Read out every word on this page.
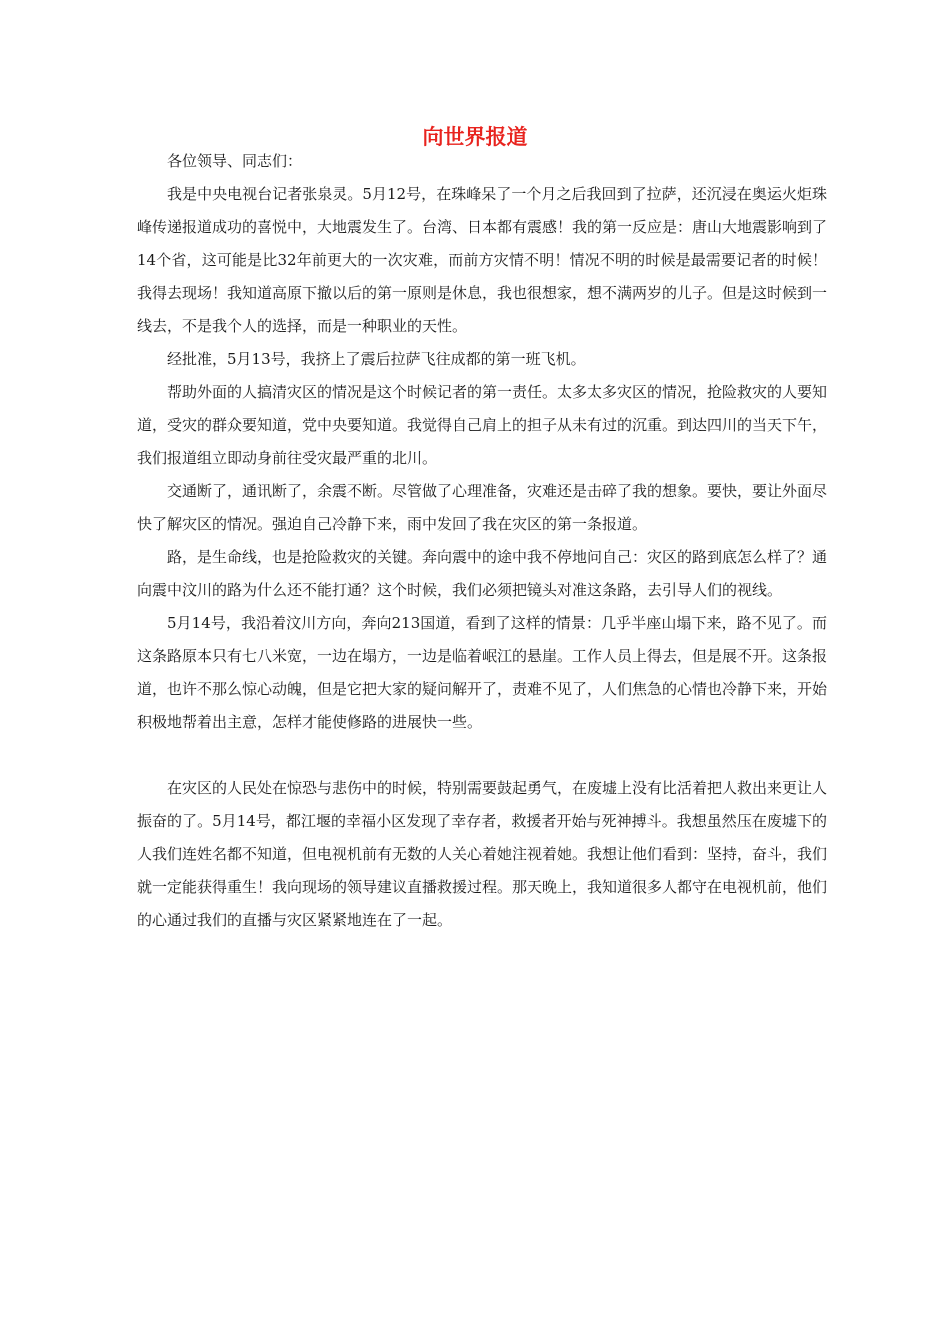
向世界报道

各位领导、同志们：

我是中央电视台记者张泉灵。5月12号，在珠峰呆了一个月之后我回到了拉萨，还沉浸在奥运火炬珠峰传递报道成功的喜悦中，大地震发生了。台湾、日本都有震感！我的第一反应是：唐山大地震影响到了14个省，这可能是比32年前更大的一次灾难，而前方灾情不明！情况不明的时候是最需要记者的时候！我得去现场！我知道高原下撤以后的第一原则是休息，我也很想家，想不满两岁的儿子。但是这时候到一线去，不是我个人的选择，而是一种职业的天性。

经批准，5月13号，我挤上了震后拉萨飞往成都的第一班飞机。

帮助外面的人搞清灾区的情况是这个时候记者的第一责任。太多太多灾区的情况，抢险救灾的人要知道，受灾的群众要知道，党中央要知道。我觉得自己肩上的担子从未有过的沉重。到达四川的当天下午，我们报道组立即动身前往受灾最严重的北川。

交通断了，通讯断了，余震不断。尽管做了心理准备，灾难还是击碎了我的想象。要快，要让外面尽快了解灾区的情况。强迫自己冷静下来，雨中发回了我在灾区的第一条报道。

路，是生命线，也是抢险救灾的关键。奔向震中的途中我不停地问自己：灾区的路到底怎么样了？通向震中汶川的路为什么还不能打通？这个时候，我们必须把镜头对准这条路，去引导人们的视线。

5月14号，我沿着汶川方向，奔向213国道，看到了这样的情景：几乎半座山塌下来，路不见了。而这条路原本只有七八米宽，一边在塌方，一边是临着岷江的悬崖。工作人员上得去，但是展不开。这条报道，也许不那么惊心动魄，但是它把大家的疑问解开了，责难不见了，人们焦急的心情也冷静下来，开始积极地帮着出主意，怎样才能使修路的进展快一些。

在灾区的人民处在惊恐与悲伤中的时候，特别需要鼓起勇气，在废墟上没有比活着把人救出来更让人振奋的了。5月14号，都江堰的幸福小区发现了幸存者，救援者开始与死神搏斗。我想虽然压在废墟下的人我们连姓名都不知道，但电视机前有无数的人关心着她注视着她。我想让他们看到：坚持，奋斗，我们就一定能获得重生！我向现场的领导建议直播救援过程。那天晚上，我知道很多人都守在电视机前，他们的心通过我们的直播与灾区紧紧地连在了一起。
